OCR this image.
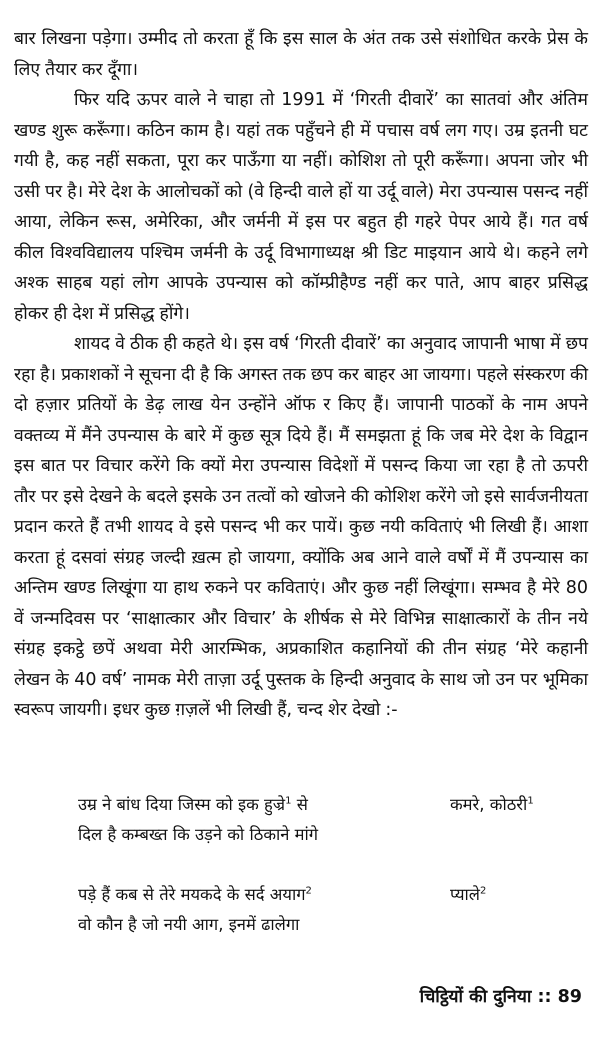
बार लिखना पड़ेगा। उम्मीद तो करता हूँ कि इस साल के अंत तक उसे संशोधित करके प्रेस के लिए तैयार कर दूँगा।

फिर यदि ऊपर वाले ने चाहा तो 1991 में ‘गिरती दीवारें’ का सातवां और अंतिम खण्ड शुरू करूँगा। कठिन काम है। यहां तक पहुँचने ही में पचास वर्ष लग गए। उम्र इतनी घट गयी है, कह नहीं सकता, पूरा कर पाऊँगा या नहीं। कोशिश तो पूरी करूँगा। अपना जोर भी उसी पर है। मेरे देश के आलोचकों को (वे हिन्दी वाले हों या उर्दू वाले) मेरा उपन्यास पसन्द नहीं आया, लेकिन रूस, अमेरिका, और जर्मनी में इस पर बहुत ही गहरे पेपर आये हैं। गत वर्ष कील विश्वविद्यालय पश्चिम जर्मनी के उर्दू विभागाध्यक्ष श्री डिट माइयान आये थे। कहने लगे अश्क साहब यहां लोग आपके उपन्यास को कॉम्प्रीहैण्ड नहीं कर पाते, आप बाहर प्रसिद्ध होकर ही देश में प्रसिद्ध होंगे।

शायद वे ठीक ही कहते थे। इस वर्ष ‘गिरती दीवारें’ का अनुवाद जापानी भाषा में छप रहा है। प्रकाशकों ने सूचना दी है कि अगस्त तक छप कर बाहर आ जायगा। पहले संस्करण की दो हज़ार प्रतियों के डेढ़ लाख येन उन्होंने ऑफ र किए हैं। जापानी पाठकों के नाम अपने वक्तव्य में मैंने उपन्यास के बारे में कुछ सूत्र दिये हैं। मैं समझता हूं कि जब मेरे देश के विद्वान इस बात पर विचार करेंगे कि क्यों मेरा उपन्यास विदेशों में पसन्द किया जा रहा है तो ऊपरी तौर पर इसे देखने के बदले इसके उन तत्वों को खोजने की कोशिश करेंगे जो इसे सार्वजनीयता प्रदान करते हैं तभी शायद वे इसे पसन्द भी कर पायें। कुछ नयी कविताएं भी लिखी हैं। आशा करता हूं दसवां संग्रह जल्दी ख़त्म हो जायगा, क्योंकि अब आने वाले वर्षों में मैं उपन्यास का अन्तिम खण्ड लिखूंगा या हाथ रुकने पर कविताएं। और कुछ नहीं लिखूंगा। सम्भव है मेरे 80 वें जन्मदिवस पर ‘साक्षात्कार और विचार’ के शीर्षक से मेरे विभिन्न साक्षात्कारों के तीन नये संग्रह इकट्ठे छपें अथवा मेरी आरम्भिक, अप्रकाशित कहानियों की तीन संग्रह ‘मेरे कहानी लेखन के 40 वर्ष’ नामक मेरी ताज़ा उर्दू पुस्तक के हिन्दी अनुवाद के साथ जो उन पर भूमिका स्वरूप जायगी। इधर कुछ ग़ज़लें भी लिखी हैं, चन्द शेर देखो :-

उम्र ने बांध दिया जिस्म को इक हुज्रे$^1$ से	कमरे, कोठरी$^1$
दिल है कम्बख्त कि उड़ने को ठिकाने मांगे
पड़े हैं कब से तेरे मयकदे के सर्द अयाग$^2$	प्याले$^2$
वो कौन है जो नयी आग, इनमें ढालेगा
चिट्ठियों की दुनिया :: 89
